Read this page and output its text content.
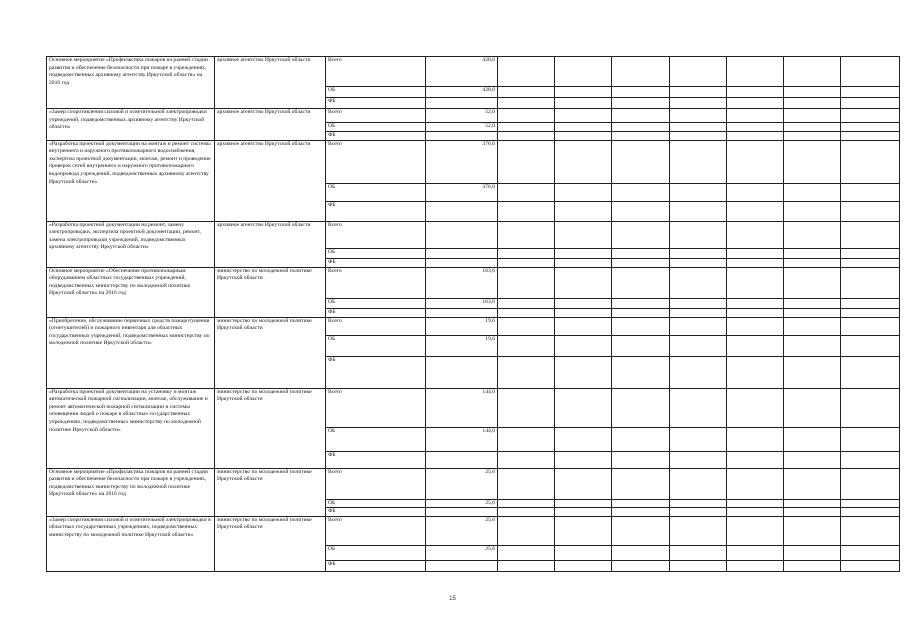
Основное мероприятие «Профилактика пожаров на ранней стадии развития и обеспечение безопасности при пожаре в учреждениях, подведомственных архивному агентству Иркутской области» на 2016 год	архивное агентство Иркутской области	Всего	428,0							
		ОБ	428,0							
		ФБ								
«Замер сопротивления силовой и осветительной электропроводки учреждений, подведомственных архивному агентству Иркутской области»	архивное агентство Иркутской области	Всего	52,0							
		ОБ	52,0							
		ФБ								
«Разработка проектной документации на монтаж и ремонт системы внутреннего и наружного противопожарного водоснабжения, экспертиза проектной документации, монтаж, ремонт и проведение проверок сетей внутреннего и наружного противопожарного водопровода учреждений, подведомственных архивному агентству Иркутской области»	архивное агентство Иркутской области	Всего	376,0							
		ОБ	376,0							
		ФБ								
«Разработка проектной документации на ремонт, замену электропроводки, экспертиза проектной документации, ремонт, замена электропроводки учреждений, подведомственных архивному агентству Иркутской области»	архивное агентство Иркутской области	Всего								
		ОБ								
		ФБ								
Основное мероприятие «Обеспечение противопожарным оборудованием областных государственных учреждений, подведомственных министерству по молодежной политике Иркутской области» на 2016 год	министерство по молодежной политике Иркутской области	Всего	163,6							
		ОБ	163,6							
		ФБ								
«Приобретение, обслуживание первичных средств пожаротушения (огнетушителей) и пожарного инвентаря для областных государственных учреждений, подведомственных министерству по молодежной политике Иркутской области»	министерство по молодежной политике Иркутской области	Всего	19,6							
		ОБ	19,6							
		ФБ								
«Разработка проектной документации на установку и монтаж автоматической пожарной сигнализации, монтаж, обслуживание и ремонт автоматической пожарной сигнализации и системы оповещения людей о пожаре в областных государственных учреждениях, подведомственных министерству по молодежной политике Иркутской области»	министерство по молодежной политике Иркутской области	Всего	144,0							
		ОБ	144,0							
		ФБ								
Основное мероприятие «Профилактика пожаров на ранней стадии развития и обеспечение безопасности при пожаре в учреждениях, подведомственных министерству по молодежной политике Иркутской области» на 2016 год	министерство по молодежной политике Иркутской области	Всего	25,6							
		ОБ	25,6							
		ФБ								
«Замер сопротивления силовой и осветительной электропроводки в областных государственных учреждениях, подведомственных министерству по молодежной политике Иркутской области»	министерство по молодежной политике Иркутской области	Всего	25,6							
		ОБ	25,6							
		ФБ								
15
